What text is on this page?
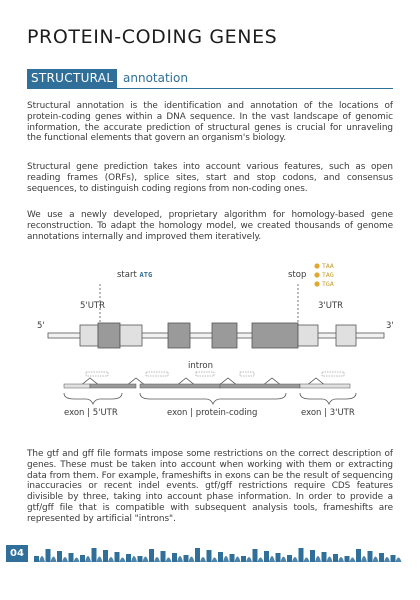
PROTEIN-CODING GENES
STRUCTURAL annotation

Structural annotation is the identification and annotation of the locations of protein-coding genes within a DNA sequence. In the vast landscape of genomic information, the accurate prediction of structural genes is crucial for unraveling the functional elements that govern an organism's biology.

Structural gene prediction takes into account various features, such as open reading frames (ORFs), splice sites, start and stop codons, and consensus sequences, to distinguish coding regions from non-coding ones.

We use a newly developed, proprietary algorithm for homology-based gene reconstruction. To adapt the homology model, we created thousands of genome annotations internally and improved them iteratively.

start ATG	stop
TAA
TAG
TGA
5'UTR	3'UTR
5'	3'
intron
exon | 5'UTR	exon | protein-coding	exon | 3'UTR

The gtf and gff file formats impose some restrictions on the correct description of genes. These must be taken into account when working with them or extracting data from them. For example, frameshifts in exons can be the result of sequencing inaccuracies or recent indel events. gtf/gff restrictions require CDS features divisible by three, taking into account phase information. In order to provide a gtf/gff file that is compatible with subsequent analysis tools, frameshifts are represented by artificial "introns".

04
